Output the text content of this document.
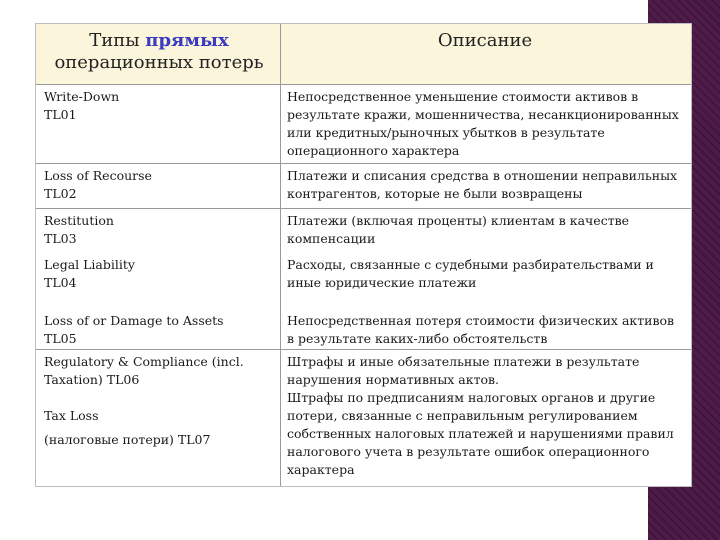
Типы прямых
операционных потерь
Описание
Write-Down
TL01
Непосредственное уменьшение стоимости активов в
результате кражи, мошенничества, несанкционированных
или кредитных/рыночных убытков в результате
операционного характера
Loss of Recourse
TL02
Платежи и списания средства в отношении неправильных
контрагентов, которые не были возвращены
Restitution
TL03
Legal Liability
TL04
Loss of or Damage to Assets
TL05
Платежи (включая проценты) клиентам в качестве
компенсации
Расходы, связанные с судебными разбирательствами и
иные юридические платежи
Непосредственная потеря стоимости физических активов
в результате каких-либо обстоятельств
Regulatory & Compliance (incl.
Taxation) TL06
Tax Loss
(налоговые потери) TL07
Штрафы и иные обязательные платежи в результате
нарушения нормативных актов.
Штрафы по предписаниям налоговых органов и другие
потери, связанные с неправильным регулированием
собственных налоговых платежей и нарушениями правил
налогового учета в результате ошибок операционного
характера
